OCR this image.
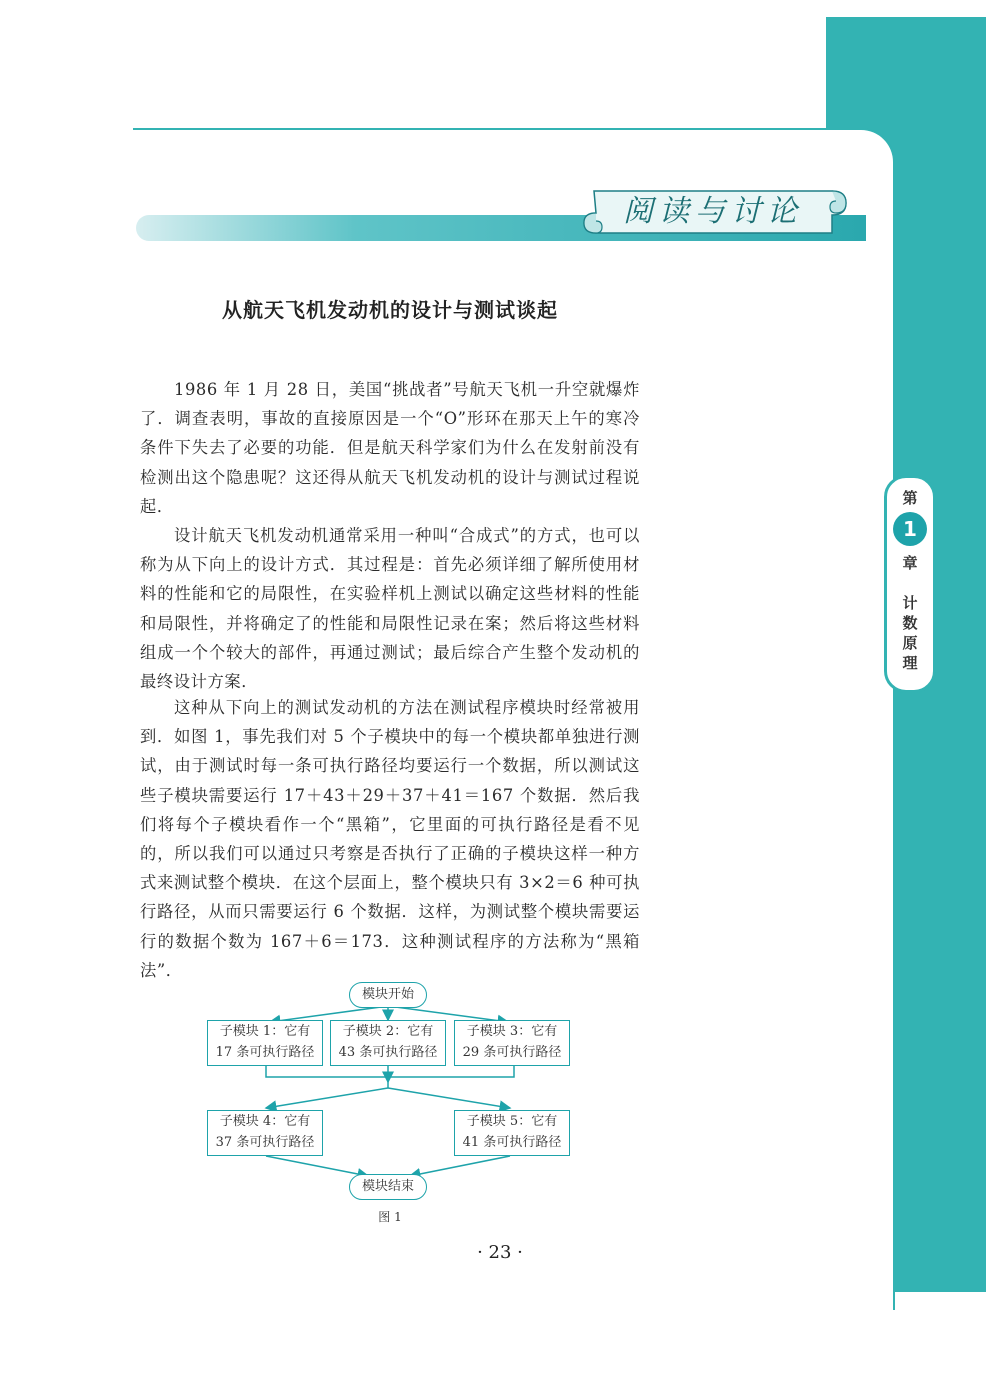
阅读与讨论
从航天飞机发动机的设计与测试谈起
1986 年 1 月 28 日，美国“挑战者”号航天飞机一升空就爆炸了．调查表明，事故的直接原因是一个“O”形环在那天上午的寒冷条件下失去了必要的功能．但是航天科学家们为什么在发射前没有检测出这个隐患呢？这还得从航天飞机发动机的设计与测试过程说起．
设计航天飞机发动机通常采用一种叫“合成式”的方式，也可以称为从下向上的设计方式．其过程是：首先必须详细了解所使用材料的性能和它的局限性，在实验样机上测试以确定这些材料的性能和局限性，并将确定了的性能和局限性记录在案；然后将这些材料组成一个个较大的部件，再通过测试；最后综合产生整个发动机的最终设计方案．
这种从下向上的测试发动机的方法在测试程序模块时经常被用到．如图 1，事先我们对 5 个子模块中的每一个模块都单独进行测试，由于测试时每一条可执行路径均要运行一个数据，所以测试这些子模块需要运行 17＋43＋29＋37＋41＝167 个数据．然后我们将每个子模块看作一个“黑箱”，它里面的可执行路径是看不见的，所以我们可以通过只考察是否执行了正确的子模块这样一种方式来测试整个模块．在这个层面上，整个模块只有 3×2＝6 种可执行路径，从而只需要运行 6 个数据．这样，为测试整个模块需要运行的数据个数为 167＋6＝173．这种测试程序的方法称为“黑箱法”．
第
1
章
计
数
原
理
模块开始
子模块 1：它有
17 条可执行路径
子模块 2：它有
43 条可执行路径
子模块 3：它有
29 条可执行路径
子模块 4：它有
37 条可执行路径
子模块 5：它有
41 条可执行路径
模块结束
图 1
· 23 ·
